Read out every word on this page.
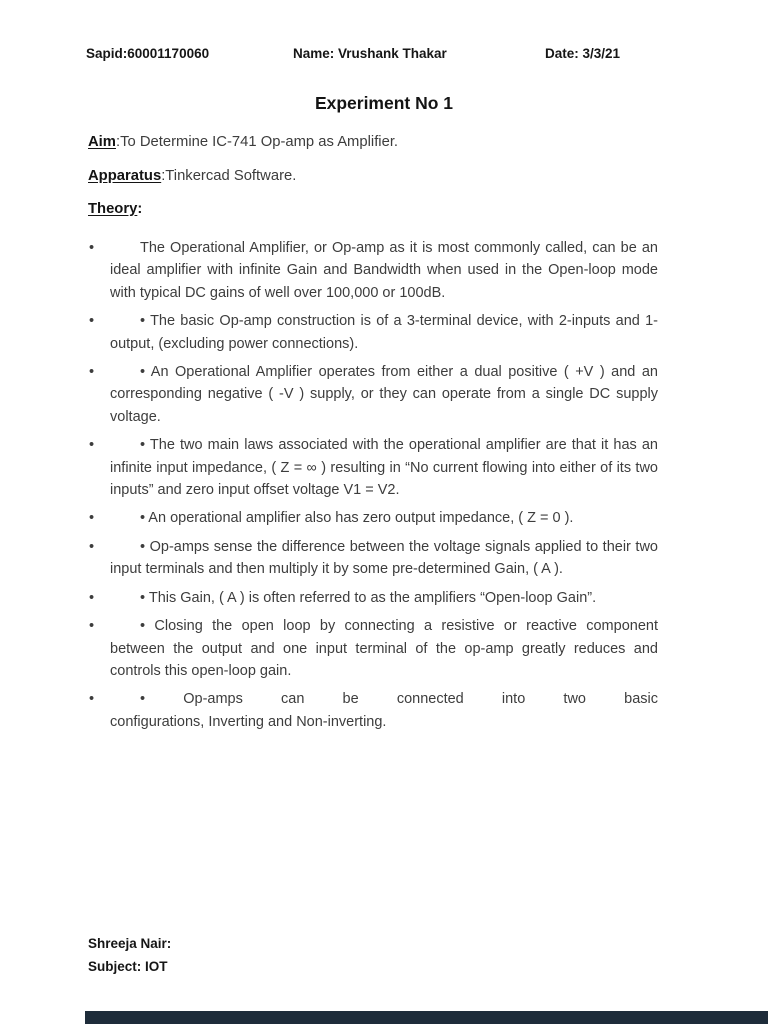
Sapid:60001170060	Name: Vrushank Thakar	Date: 3/3/21
Experiment No 1
Aim:To Determine IC-741 Op-amp as Amplifier.
Apparatus:Tinkercad Software.
Theory:
•	The Operational Amplifier, or Op-amp as it is most commonly called, can be an ideal amplifier with infinite Gain and Bandwidth when used in the Open-loop mode with typical DC gains of well over 100,000 or 100dB.
•	• The basic Op-amp construction is of a 3-terminal device, with 2-inputs and 1-output, (excluding power connections).
•	• An Operational Amplifier operates from either a dual positive ( +V ) and an corresponding negative ( -V ) supply, or they can operate from a single DC supply voltage.
•	• The two main laws associated with the operational amplifier are that it has an infinite input impedance, ( Z = ∞ ) resulting in “No current flowing into either of its two inputs” and zero input offset voltage V1 = V2.
•	• An operational amplifier also has zero output impedance, ( Z = 0 ).
•	• Op-amps sense the difference between the voltage signals applied to their two input terminals and then multiply it by some pre-determined Gain, ( A ).
•	• This Gain, ( A ) is often referred to as the amplifiers “Open-loop Gain”.
•	• Closing the open loop by connecting a resistive or reactive component between the output and one input terminal of the op-amp greatly reduces and controls this open-loop gain.
•	• Op-amps can be connected into two basic
configurations, Inverting and Non-inverting.
Shreeja Nair:
Subject: IOT
